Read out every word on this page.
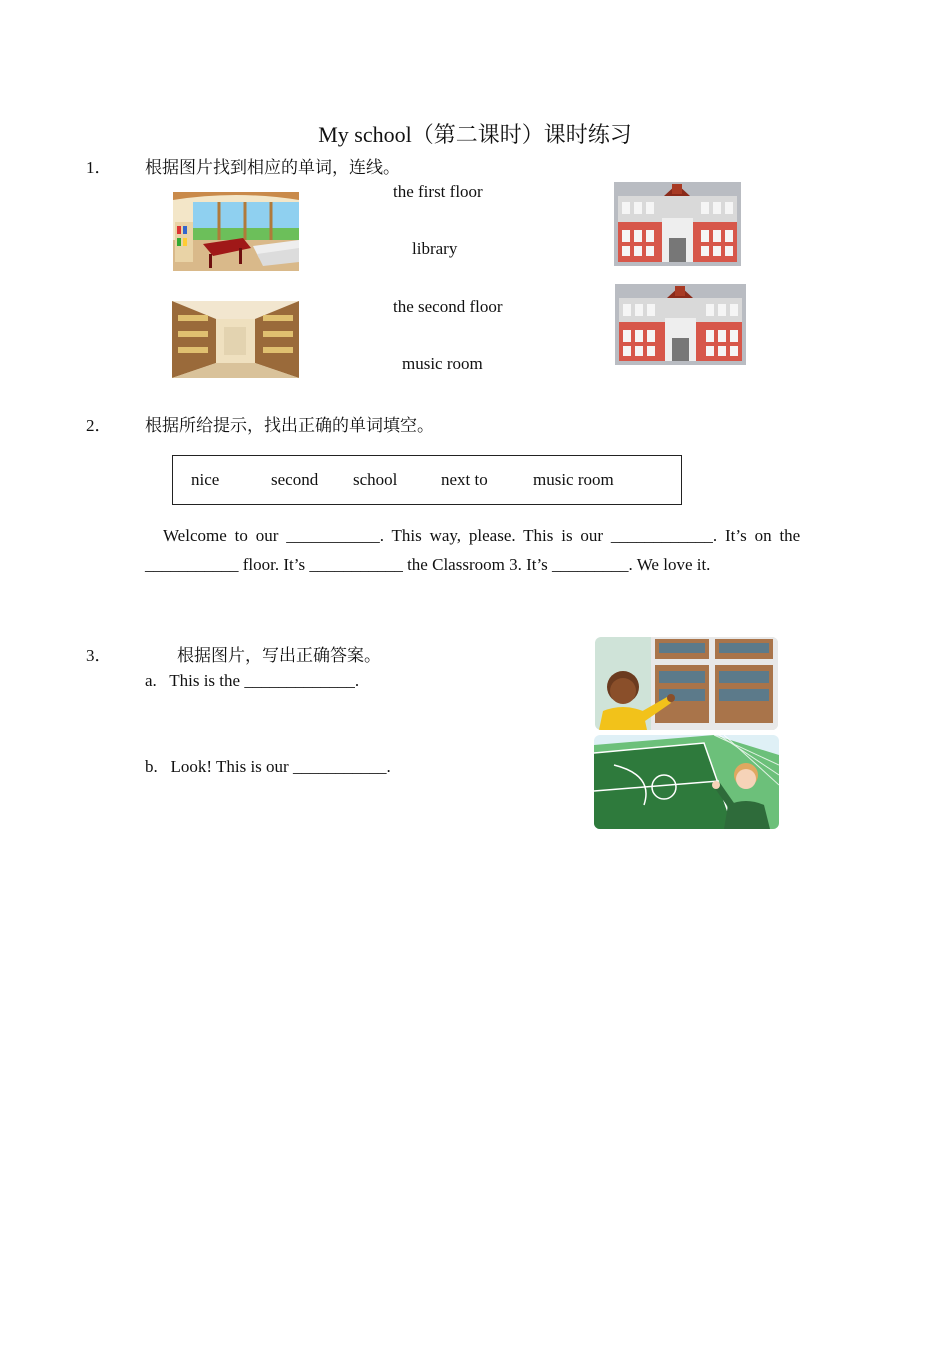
My school（第二课时）课时练习
1． 根据图片找到相应的单词，连线。
the first floor
library
the second floor
music room
2． 根据所给提示，找出正确的单词填空。
nice	second school	next to	music room
Welcome to our ___________. This way, please. This is our ____________. It’s on the
___________ floor. It’s ___________ the Classroom 3. It’s _________. We love it.
3．	根据图片，写出正确答案。
a.   This is the _____________.
b.   Look! This is our ___________.
